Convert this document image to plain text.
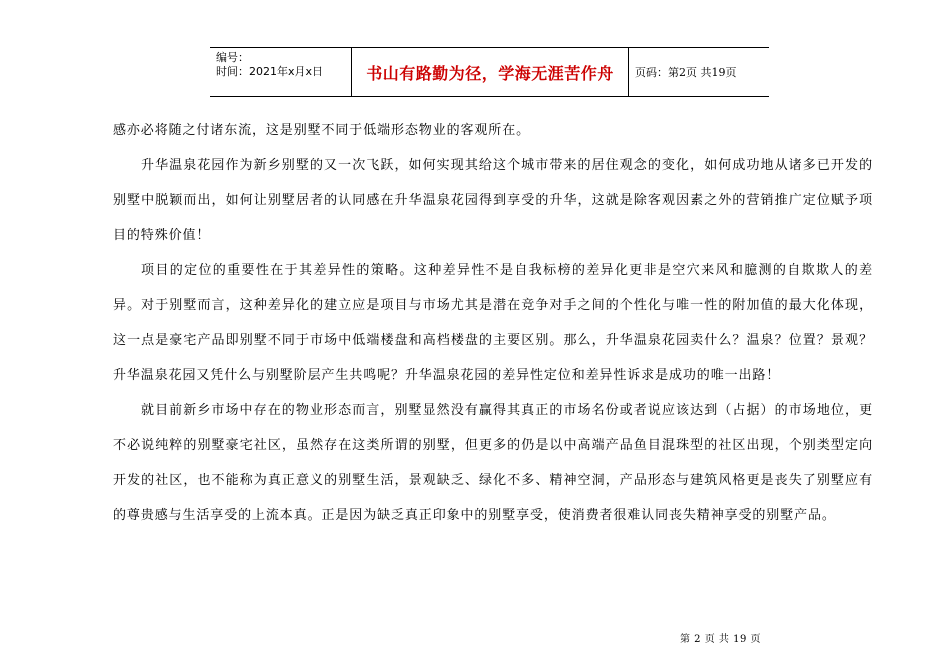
编号：
时间：2021年x月x日	书山有路勤为径，学海无涯苦作舟	页码：第2页 共19页

感亦必将随之付诸东流，这是别墅不同于低端形态物业的客观所在。

升华温泉花园作为新乡别墅的又一次飞跃，如何实现其给这个城市带来的居住观念的变化，如何成功地从诸多已开发的别墅中脱颖而出，如何让别墅居者的认同感在升华温泉花园得到享受的升华，这就是除客观因素之外的营销推广定位赋予项目的特殊价值！

项目的定位的重要性在于其差异性的策略。这种差异性不是自我标榜的差异化更非是空穴来风和臆测的自欺欺人的差异。对于别墅而言，这种差异化的建立应是项目与市场尤其是潜在竞争对手之间的个性化与唯一性的附加值的最大化体现，这一点是豪宅产品即别墅不同于市场中低端楼盘和高档楼盘的主要区别。那么，升华温泉花园卖什么？温泉？位置？景观？升华温泉花园又凭什么与别墅阶层产生共鸣呢？升华温泉花园的差异性定位和差异性诉求是成功的唯一出路！

就目前新乡市场中存在的物业形态而言，别墅显然没有赢得其真正的市场名份或者说应该达到（占据）的市场地位，更不必说纯粹的别墅豪宅社区，虽然存在这类所谓的别墅，但更多的仍是以中高端产品鱼目混珠型的社区出现，个别类型定向开发的社区，也不能称为真正意义的别墅生活，景观缺乏、绿化不多、精神空洞，产品形态与建筑风格更是丧失了别墅应有的尊贵感与生活享受的上流本真。正是因为缺乏真正印象中的别墅享受，使消费者很难认同丧失精神享受的别墅产品。

第 2 页 共 19 页
